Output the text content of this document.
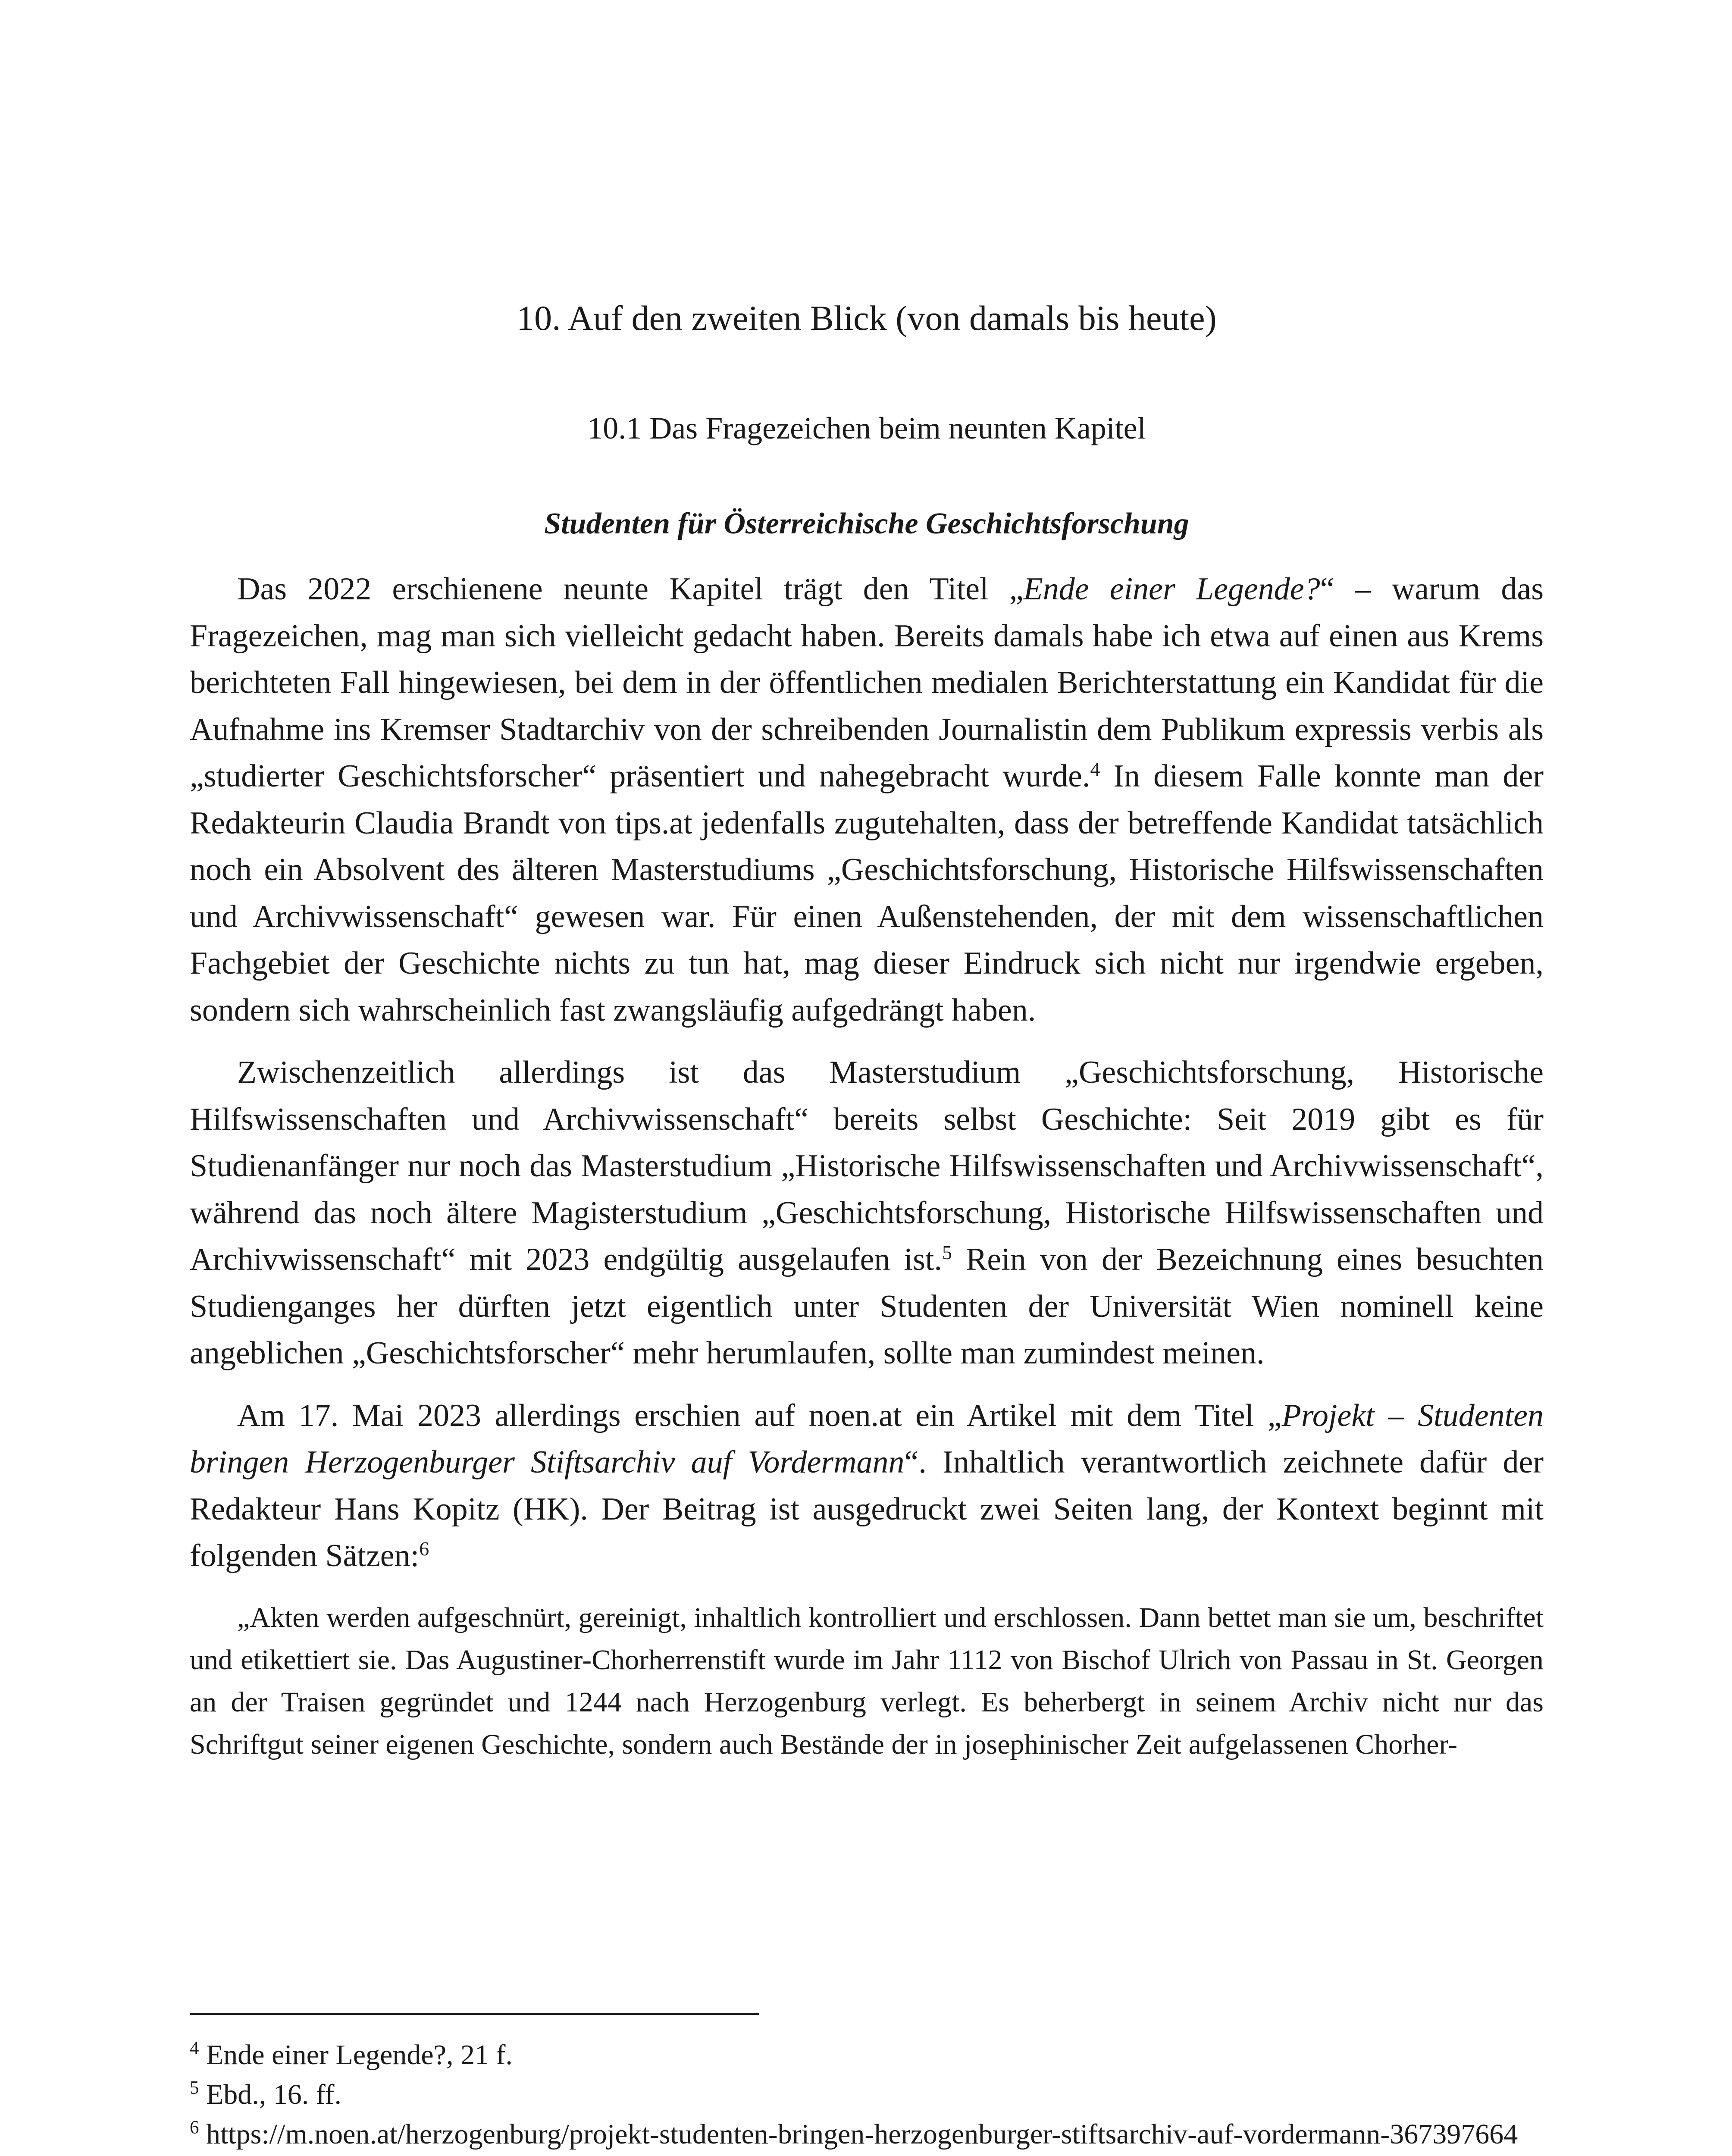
10. Auf den zweiten Blick (von damals bis heute)
10.1 Das Fragezeichen beim neunten Kapitel
Studenten für Österreichische Geschichtsforschung

Das 2022 erschienene neunte Kapitel trägt den Titel „Ende einer Legende?“ – warum das Fragezeichen, mag man sich vielleicht gedacht haben. Bereits damals habe ich etwa auf einen aus Krems berichteten Fall hingewiesen, bei dem in der öffentlichen medialen Berichterstattung ein Kandidat für die Aufnahme ins Kremser Stadtarchiv von der schreibenden Journalistin dem Publikum expressis verbis als „studierter Geschichtsforscher“ präsentiert und nahegebracht wurde.$^4$ In diesem Falle konnte man der Redakteurin Claudia Brandt von tips.at jedenfalls zugutehalten, dass der betreffende Kandidat tatsächlich noch ein Absolvent des älteren Masterstudiums „Geschichtsforschung, Historische Hilfswissenschaften und Archivwissenschaft“ gewesen war. Für einen Außenstehenden, der mit dem wissenschaftlichen Fachgebiet der Geschichte nichts zu tun hat, mag dieser Eindruck sich nicht nur irgendwie ergeben, sondern sich wahrscheinlich fast zwangsläufig aufgedrängt haben.

Zwischenzeitlich allerdings ist das Masterstudium „Geschichtsforschung, Historische Hilfswissenschaften und Archivwissenschaft“ bereits selbst Geschichte: Seit 2019 gibt es für Studienanfänger nur noch das Masterstudium „Historische Hilfswissenschaften und Archivwissenschaft“, während das noch ältere Magisterstudium „Geschichtsforschung, Historische Hilfswissenschaften und Archivwissenschaft“ mit 2023 endgültig ausgelaufen ist.$^5$ Rein von der Bezeichnung eines besuchten Studienganges her dürften jetzt eigentlich unter Studenten der Universität Wien nominell keine angeblichen „Geschichtsforscher“ mehr herumlaufen, sollte man zumindest meinen.

Am 17. Mai 2023 allerdings erschien auf noen.at ein Artikel mit dem Titel „Projekt – Studenten bringen Herzogenburger Stiftsarchiv auf Vordermann“. Inhaltlich verantwortlich zeichnete dafür der Redakteur Hans Kopitz (HK). Der Beitrag ist ausgedruckt zwei Seiten lang, der Kontext beginnt mit folgenden Sätzen:$^6$

„Akten werden aufgeschnürt, gereinigt, inhaltlich kontrolliert und erschlossen. Dann bettet man sie um, beschriftet und etikettiert sie. Das Augustiner-Chorherrenstift wurde im Jahr 1112 von Bischof Ulrich von Passau in St. Georgen an der Traisen gegründet und 1244 nach Herzogenburg verlegt. Es beherbergt in seinem Archiv nicht nur das Schriftgut seiner eigenen Geschichte, sondern auch Bestände der in josephinischer Zeit aufgelassenen Chorher-

$^4$ Ende einer Legende?, 21 f.

$^5$ Ebd., 16. ff.

$^6$ https://m.noen.at/herzogenburg/projekt-studenten-bringen-herzogenburger-stiftsarchiv-auf-vordermann-367397664
